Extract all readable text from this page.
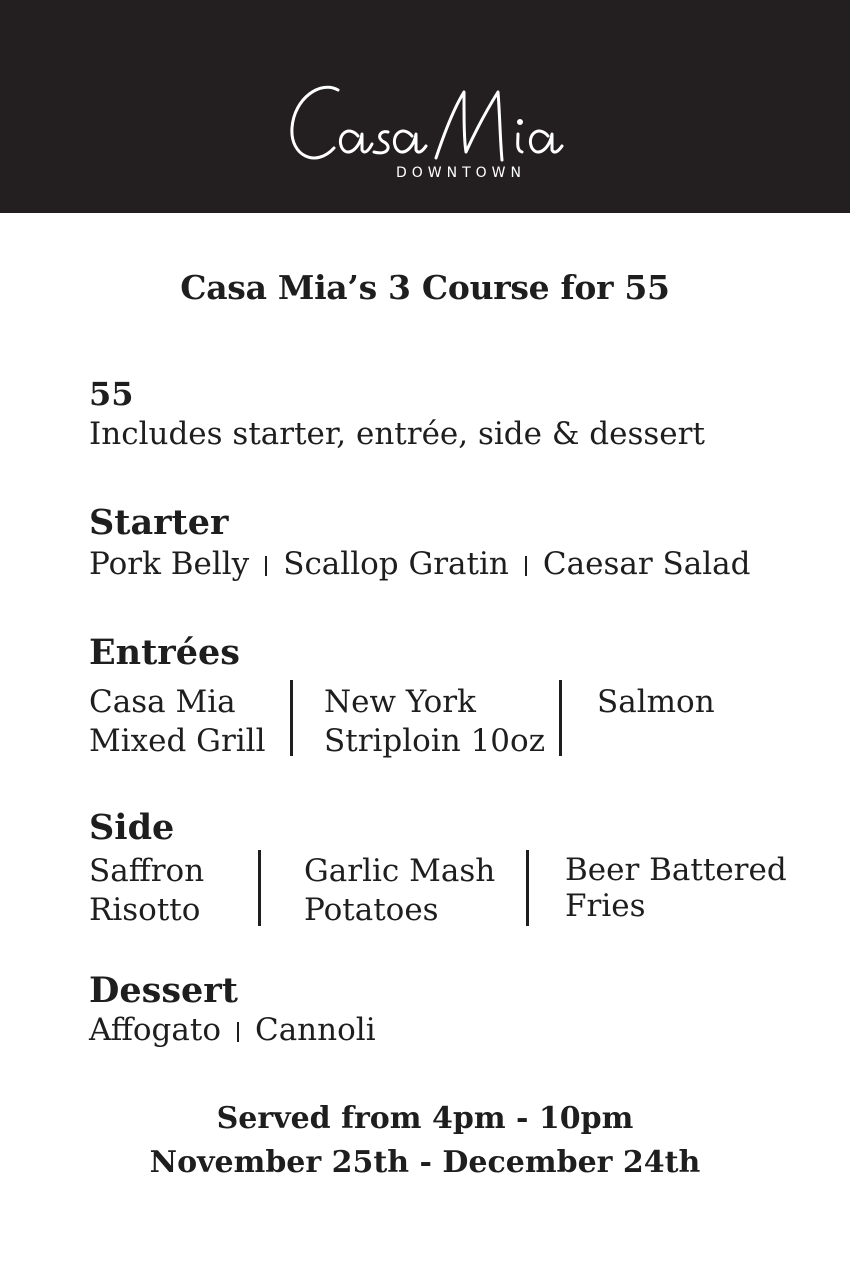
DOWNTOWN
Casa Mia’s 3 Course for 55
55
Includes starter, entrée, side & dessert
Starter
Pork Belly Scallop Gratin Caesar Salad
Entrées
Casa Mia
Mixed Grill
New York
Striploin 10oz
Salmon
Side
Saffron
Risotto
Garlic Mash
Potatoes
Beer Battered
Fries
Dessert
Affogato Cannoli
Served from 4pm - 10pm
November 25th - December 24th
